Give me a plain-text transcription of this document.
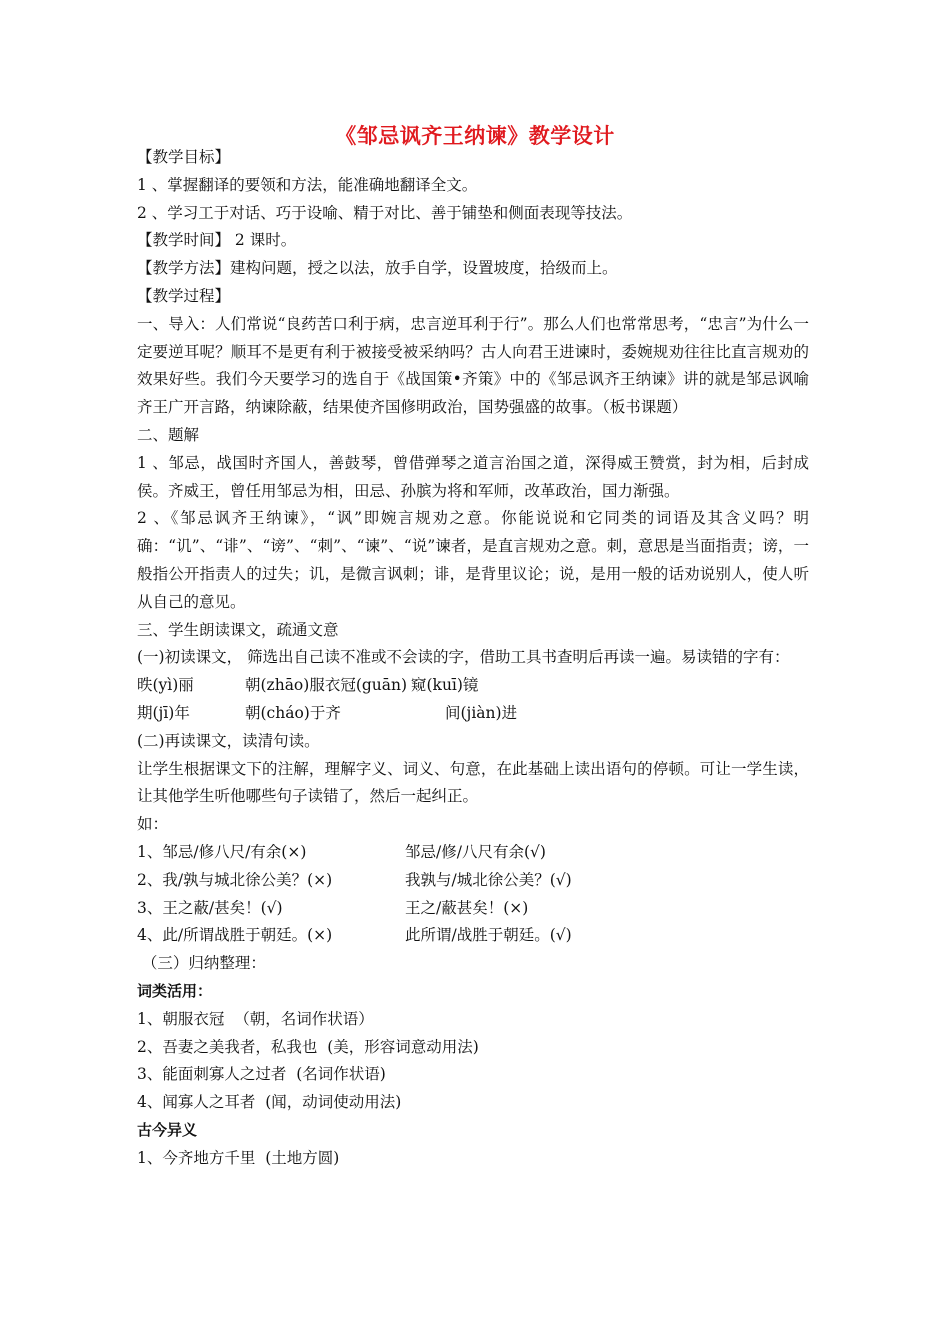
《邹忌讽齐王纳谏》教学设计

【教学目标】

1 、掌握翻译的要领和方法，能准确地翻译全文。

2 、学习工于对话、巧于设喻、精于对比、善于铺垫和侧面表现等技法。

【教学时间】 2 课时。

【教学方法】建构问题，授之以法，放手自学，设置坡度，拾级而上。

【教学过程】

一、导入：人们常说“良药苦口利于病，忠言逆耳利于行”。那么人们也常常思考，“忠言”为什么一定要逆耳呢？顺耳不是更有利于被接受被采纳吗？古人向君王进谏时，委婉规劝往往比直言规劝的效果好些。我们今天要学习的选自于《战国策•齐策》中的《邹忌讽齐王纳谏》讲的就是邹忌讽喻齐王广开言路，纳谏除蔽，结果使齐国修明政治，国势强盛的故事。（板书课题）

二、题解

1 、邹忌，战国时齐国人，善鼓琴，曾借弹琴之道言治国之道，深得威王赞赏，封为相，后封成侯。齐威王，曾任用邹忌为相，田忌、孙膑为将和军师，改革政治，国力渐强。

2 、《邹忌讽齐王纳谏》，“讽”即婉言规劝之意。你能说说和它同类的词语及其含义吗？明确：“讥”、“诽”、“谤”、“刺”、“谏”、“说”谏者，是直言规劝之意。刺，意思是当面指责；谤，一般指公开指责人的过失；讥，是微言讽刺；诽，是背里议论；说，是用一般的话劝说别人，使人听从自己的意见。

三、学生朗读课文，疏通文意

(一)初读课文， 筛选出自己读不准或不会读的字，借助工具书查明后再读一遍。易读错的字有：

昳(yì)丽	朝(zhāo)服衣冠(guān) 窥(kuī)镜
期(jī)年	朝(cháo)于齐	间(jiàn)进

(二)再读课文，读清句读。

让学生根据课文下的注解，理解字义、词义、句意，在此基础上读出语句的停顿。可让一学生读，让其他学生听他哪些句子读错了，然后一起纠正。

如：

1、邹忌/修八尺/有余(×)	邹忌/修/八尺有余(√)
2、我/孰与城北徐公美？(×)	我孰与/城北徐公美？(√)
3、王之蔽/甚矣！(√)	王之/蔽甚矣！(×)
4、此/所谓战胜于朝廷。(×)	此所谓/战胜于朝廷。(√)

（三）归纳整理：

词类活用：

1、朝服衣冠  （朝，名词作状语）

2、吾妻之美我者，私我也  (美，形容词意动用法)

3、能面刺寡人之过者  (名词作状语)

4、闻寡人之耳者  (闻，动词使动用法)

古今异义

1、今齐地方千里  (土地方圆)
